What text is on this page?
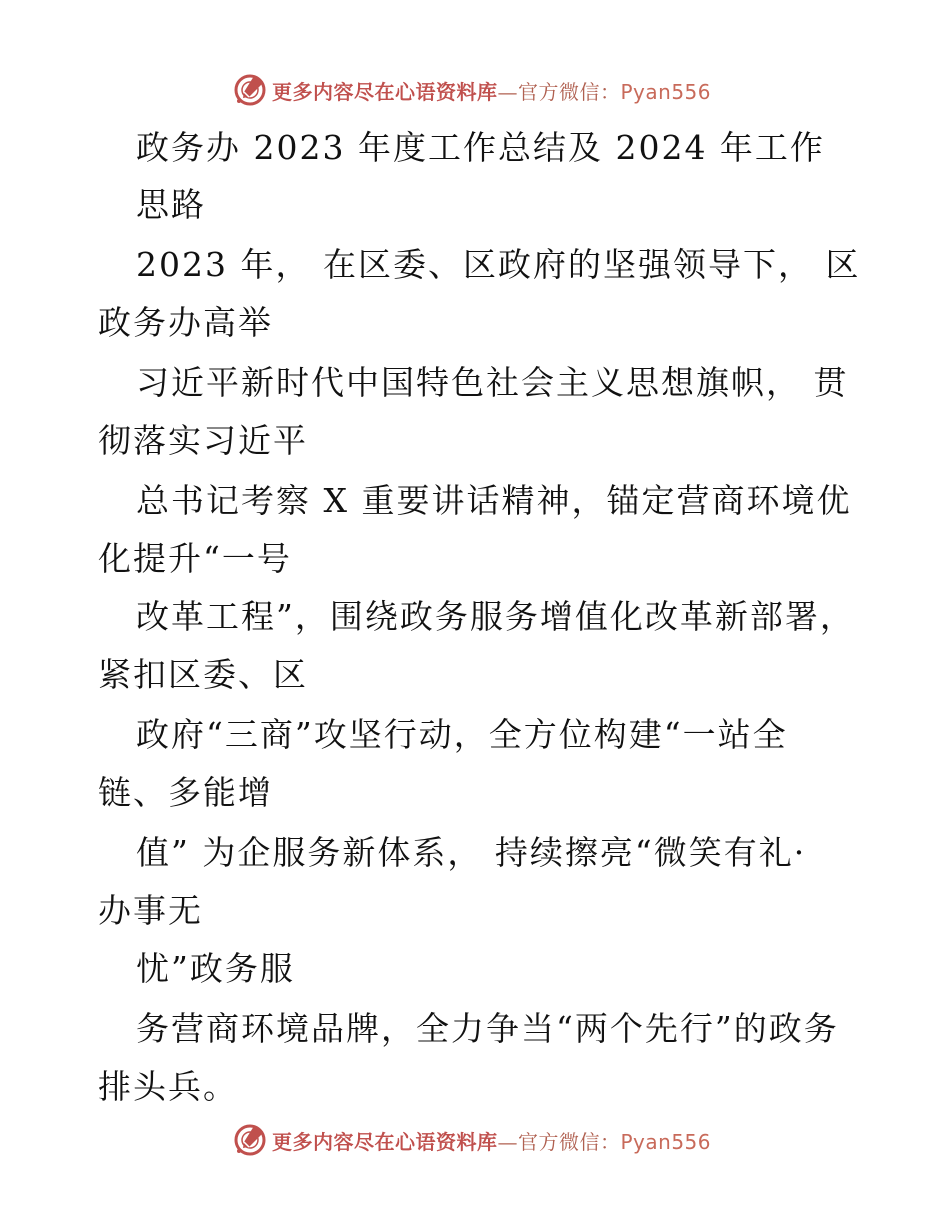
更多内容尽在心语资料库—官方微信：Pyan556
政务办 2023 年度工作总结及 2024 年工作
思路
2023 年， 在区委、区政府的坚强领导下， 区
政务办高举
习近平新时代中国特色社会主义思想旗帜， 贯
彻落实习近平
总书记考察 X 重要讲话精神，锚定营商环境优
化提升“一号
改革工程”，围绕政务服务增值化改革新部署，
紧扣区委、区
政府“三商”攻坚行动，全方位构建“一站全
链、多能增
值” 为企服务新体系， 持续擦亮“微笑有礼·
办事无
忧”政务服
务营商环境品牌，全力争当“两个先行”的政务
排头兵。
更多内容尽在心语资料库—官方微信：Pyan556
